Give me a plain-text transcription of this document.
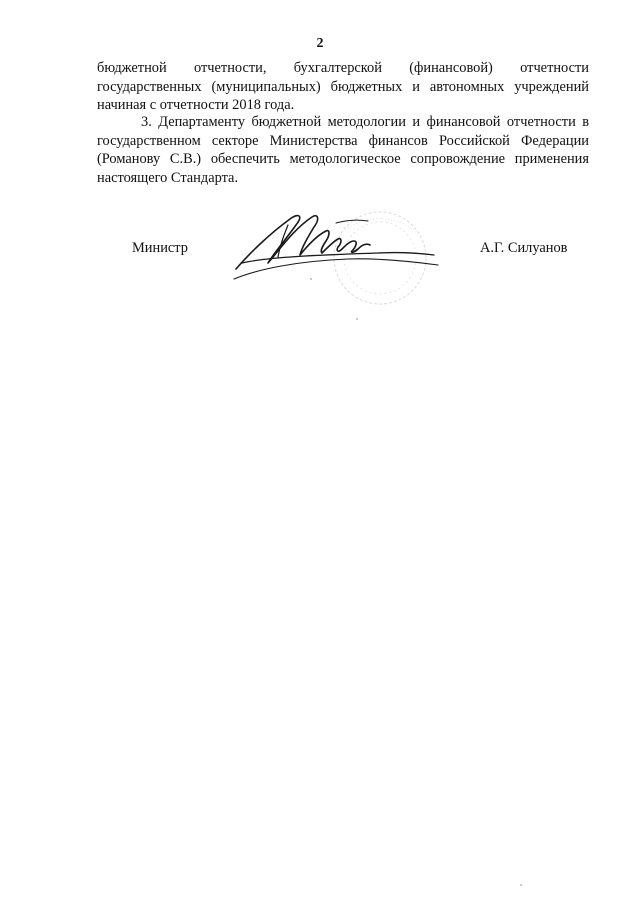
2
бюджетной отчетности, бухгалтерской (финансовой) отчетности государственных (муниципальных) бюджетных и автономных учреждений начиная с отчетности 2018 года.
3. Департаменту бюджетной методологии и финансовой отчетности в государственном секторе Министерства финансов Российской Федерации (Романову С.В.) обеспечить методологическое сопровождение применения настоящего Стандарта.
Министр	А.Г. Силуанов
